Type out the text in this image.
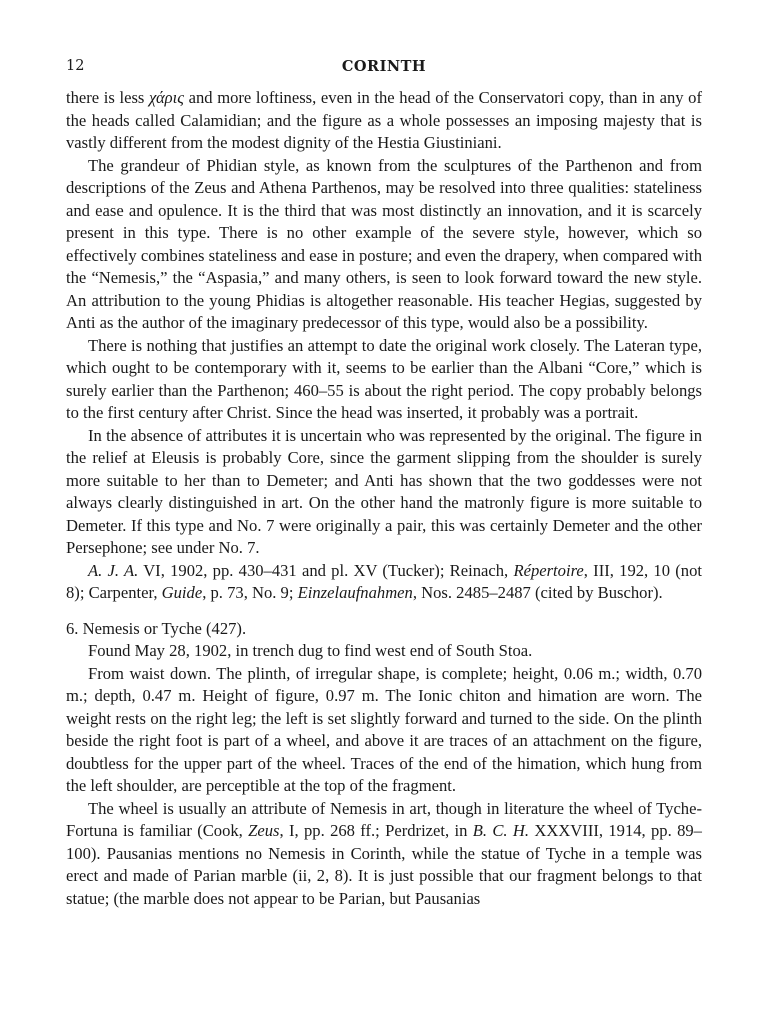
12	CORINTH

there is less χάρις and more loftiness, even in the head of the Conservatori copy, than in any of the heads called Calamidian; and the figure as a whole possesses an imposing majesty that is vastly different from the modest dignity of the Hestia Giustiniani.

The grandeur of Phidian style, as known from the sculptures of the Parthenon and from descriptions of the Zeus and Athena Parthenos, may be resolved into three qualities: stateliness and ease and opulence. It is the third that was most distinctly an innovation, and it is scarcely present in this type. There is no other example of the severe style, however, which so effectively combines stateliness and ease in posture; and even the drapery, when compared with the “Nemesis,” the “Aspasia,” and many others, is seen to look forward toward the new style. An attribution to the young Phidias is altogether reasonable. His teacher Hegias, suggested by Anti as the author of the imaginary predecessor of this type, would also be a possibility.

There is nothing that justifies an attempt to date the original work closely. The Lateran type, which ought to be contemporary with it, seems to be earlier than the Albani “Core,” which is surely earlier than the Parthenon; 460–55 is about the right period. The copy probably belongs to the first century after Christ. Since the head was inserted, it probably was a portrait.

In the absence of attributes it is uncertain who was represented by the original. The figure in the relief at Eleusis is probably Core, since the garment slipping from the shoulder is surely more suitable to her than to Demeter; and Anti has shown that the two goddesses were not always clearly distinguished in art. On the other hand the matronly figure is more suitable to Demeter. If this type and No. 7 were originally a pair, this was certainly Demeter and the other Persephone; see under No. 7.

A. J. A. VI, 1902, pp. 430–431 and pl. XV (Tucker); Reinach, Répertoire, III, 192, 10 (not 8); Carpenter, Guide, p. 73, No. 9; Einzelaufnahmen, Nos. 2485–2487 (cited by Buschor).

6. Nemesis or Tyche (427).

Found May 28, 1902, in trench dug to find west end of South Stoa.

From waist down. The plinth, of irregular shape, is complete; height, 0.06 m.; width, 0.70 m.; depth, 0.47 m. Height of figure, 0.97 m. The Ionic chiton and himation are worn. The weight rests on the right leg; the left is set slightly forward and turned to the side. On the plinth beside the right foot is part of a wheel, and above it are traces of an attachment on the figure, doubtless for the upper part of the wheel. Traces of the end of the himation, which hung from the left shoulder, are perceptible at the top of the fragment.

The wheel is usually an attribute of Nemesis in art, though in literature the wheel of Tyche-Fortuna is familiar (Cook, Zeus, I, pp. 268 ff.; Perdrizet, in B. C. H. XXXVIII, 1914, pp. 89–100). Pausanias mentions no Nemesis in Corinth, while the statue of Tyche in a temple was erect and made of Parian marble (ii, 2, 8). It is just possible that our fragment belongs to that statue; (the marble does not appear to be Parian, but Pausanias
